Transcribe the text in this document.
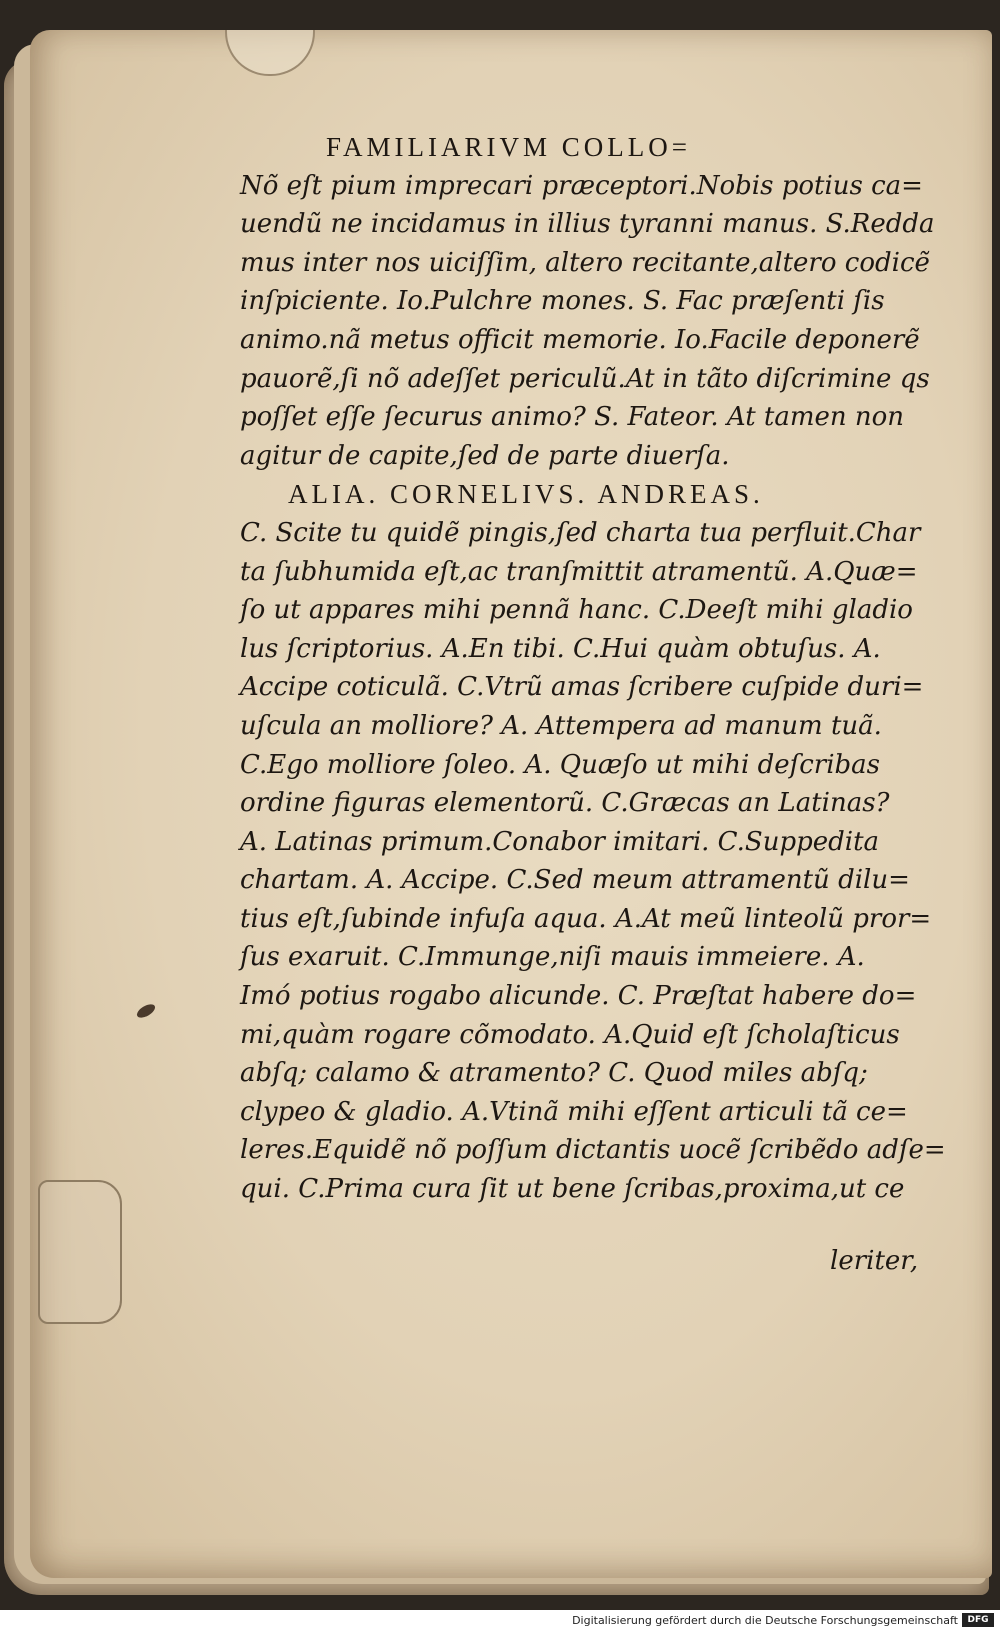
FAMILIARIVM COLLO=
Nõ eſt pium imprecari præceptori.Nobis potius ca=
uendũ ne incidamus in illius tyranni manus. S.Redda
mus inter nos uiciſſim, altero recitante,altero codicẽ
inſpiciente. Io.Pulchre mones. S. Fac præſenti ſis
animo.nã metus officit memorie. Io.Facile deponerẽ
pauorẽ,ſi nõ adeſſet periculũ.At in tãto diſcrimine qs
poſſet eſſe ſecurus animo? S. Fateor. At tamen non
agitur de capite,ſed de parte diuerſa.
ALIA. CORNELIVS. ANDREAS.
C. Scite tu quidẽ pingis,ſed charta tua perfluit.Char
ta ſubhumida eſt,ac tranſmittit atramentũ. A.Quæ=
ſo ut appares mihi pennã hanc. C.Deeſt mihi gladio
lus ſcriptorius. A.En tibi. C.Hui quàm obtuſus. A.
Accipe coticulã. C.Vtrũ amas ſcribere cuſpide duri=
uſcula an molliore? A. Attempera ad manum tuã.
C.Ego molliore ſoleo. A. Quæſo ut mihi deſcribas
ordine figuras elementorũ. C.Græcas an Latinas?
A. Latinas primum.Conabor imitari. C.Suppedita
chartam. A. Accipe. C.Sed meum attramentũ dilu=
tius eſt,ſubinde infuſa aqua. A.At meũ linteolũ pror=
ſus exaruit. C.Immunge,niſi mauis immeiere. A.
Imó potius rogabo alicunde. C. Præſtat habere do=
mi,quàm rogare cõmodato. A.Quid eſt ſcholaſticus
abſq; calamo & atramento? C. Quod miles abſq;
clypeo & gladio. A.Vtinã mihi eſſent articuli tã ce=
leres.Equidẽ nõ poſſum dictantis uocẽ ſcribẽdo adſe=
qui. C.Prima cura ſit ut bene ſcribas,proxima,ut ce
leriter,
Digitalisierung gefördert durch die Deutsche Forschungsgemeinschaft	DFG
